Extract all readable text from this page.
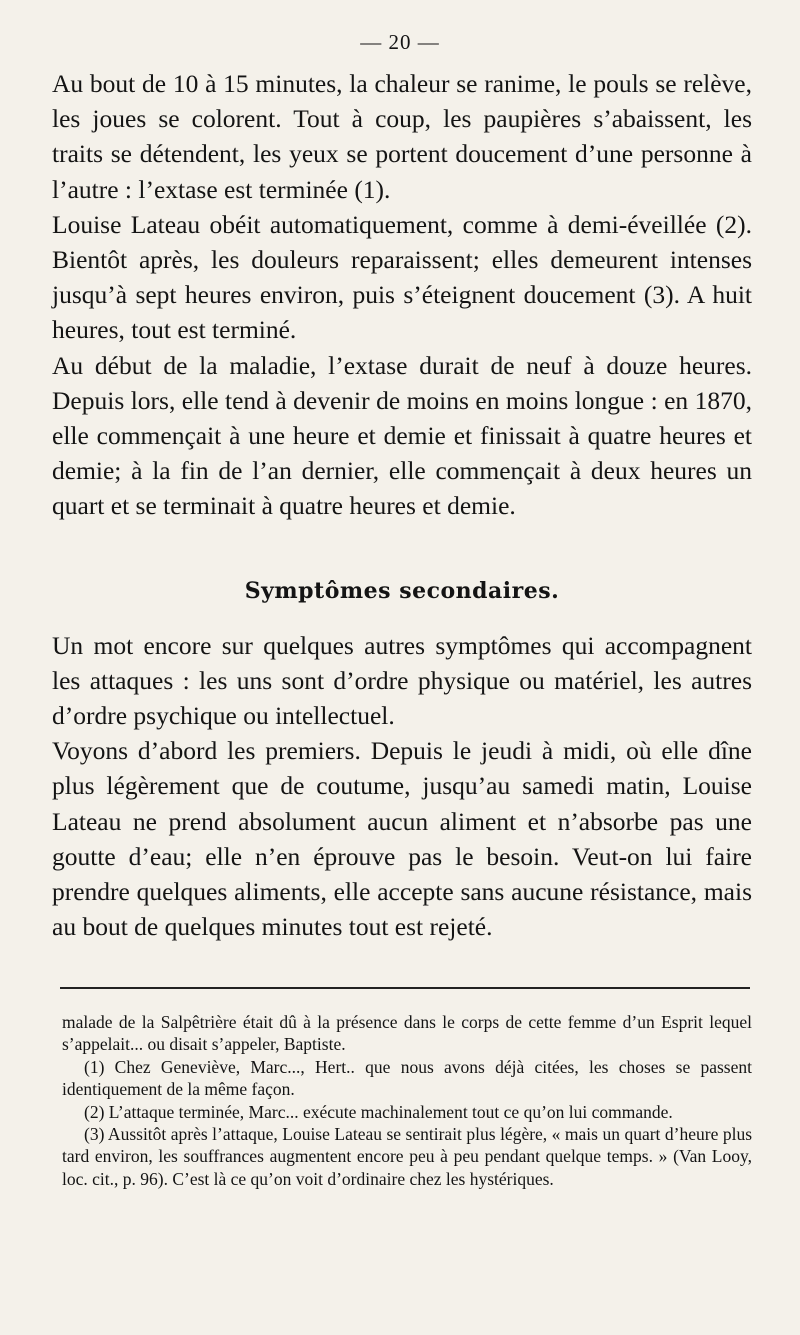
— 20 —

Au bout de 10 à 15 minutes, la chaleur se ranime, le pouls se relève, les joues se colorent. Tout à coup, les paupières s’abaissent, les traits se détendent, les yeux se portent doucement d’une personne à l’autre : l’extase est terminée (1).

Louise Lateau obéit automatiquement, comme à demi-éveillée (2). Bientôt après, les douleurs reparaissent; elles demeurent intenses jusqu’à sept heures environ, puis s’éteignent doucement (3). A huit heures, tout est terminé.

Au début de la maladie, l’extase durait de neuf à douze heures. Depuis lors, elle tend à devenir de moins en moins longue : en 1870, elle commençait à une heure et demie et finissait à quatre heures et demie; à la fin de l’an dernier, elle commençait à deux heures un quart et se terminait à quatre heures et demie.

Symptômes secondaires.

Un mot encore sur quelques autres symptômes qui accompagnent les attaques : les uns sont d’ordre physique ou matériel, les autres d’ordre psychique ou intellectuel.

Voyons d’abord les premiers. Depuis le jeudi à midi, où elle dîne plus légèrement que de coutume, jusqu’au samedi matin, Louise Lateau ne prend absolument aucun aliment et n’absorbe pas une goutte d’eau; elle n’en éprouve pas le besoin. Veut-on lui faire prendre quelques aliments, elle accepte sans aucune résistance, mais au bout de quelques minutes tout est rejeté.

malade de la Salpêtrière était dû à la présence dans le corps de cette femme d’un Esprit lequel s’appelait... ou disait s’appeler, Baptiste.

(1) Chez Geneviève, Marc..., Hert.. que nous avons déjà citées, les choses se passent identiquement de la même façon.

(2) L’attaque terminée, Marc... exécute machinalement tout ce qu’on lui commande.

(3) Aussitôt après l’attaque, Louise Lateau se sentirait plus légère, « mais un quart d’heure plus tard environ, les souffrances augmentent encore peu à peu pendant quelque temps. » (Van Looy, loc. cit., p. 96). C’est là ce qu’on voit d’ordinaire chez les hystériques.
